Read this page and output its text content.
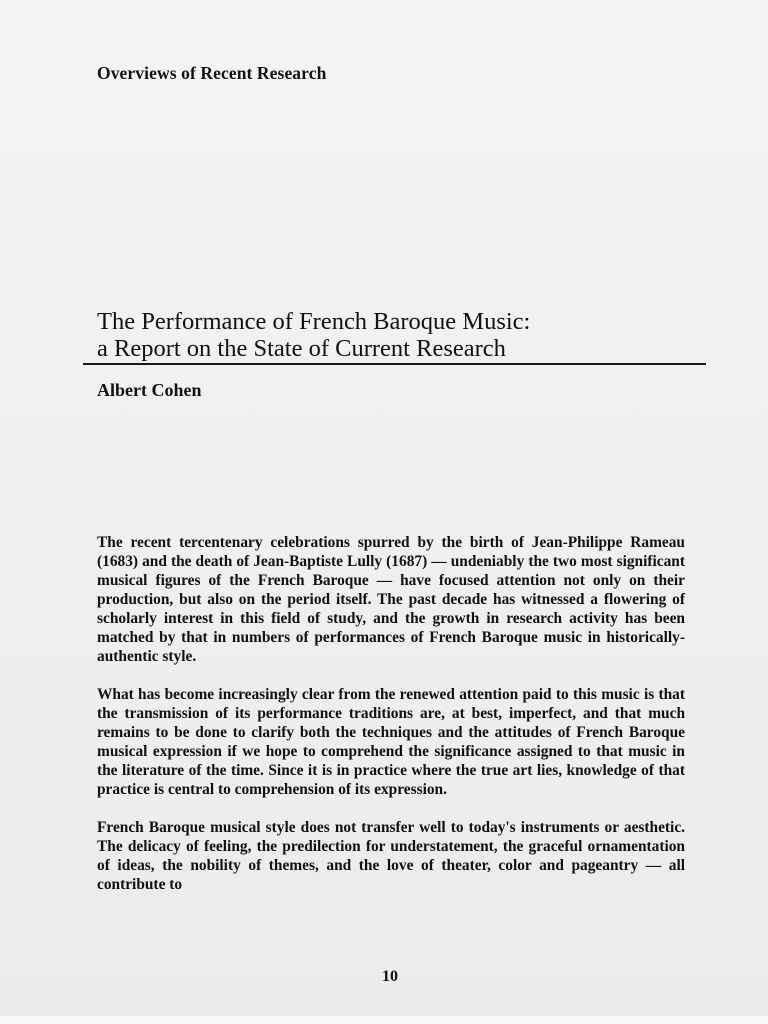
Overviews of Recent Research
The Performance of French Baroque Music:
a Report on the State of Current Research
Albert Cohen

The recent tercentenary celebrations spurred by the birth of Jean-Philippe Rameau (1683) and the death of Jean-Baptiste Lully (1687) — undeniably the two most significant musical figures of the French Baroque — have focused attention not only on their production, but also on the period itself. The past decade has witnessed a flowering of scholarly interest in this field of study, and the growth in research activity has been matched by that in numbers of performances of French Baroque music in historically-authentic style.

What has become increasingly clear from the renewed attention paid to this music is that the transmission of its performance traditions are, at best, imperfect, and that much remains to be done to clarify both the techniques and the attitudes of French Baroque musical expression if we hope to comprehend the significance assigned to that music in the literature of the time. Since it is in practice where the true art lies, knowledge of that practice is central to comprehension of its expression.

French Baroque musical style does not transfer well to today's instruments or aesthetic. The delicacy of feeling, the predilection for understatement, the graceful ornamentation of ideas, the nobility of themes, and the love of theater, color and pageantry — all contribute to

10
